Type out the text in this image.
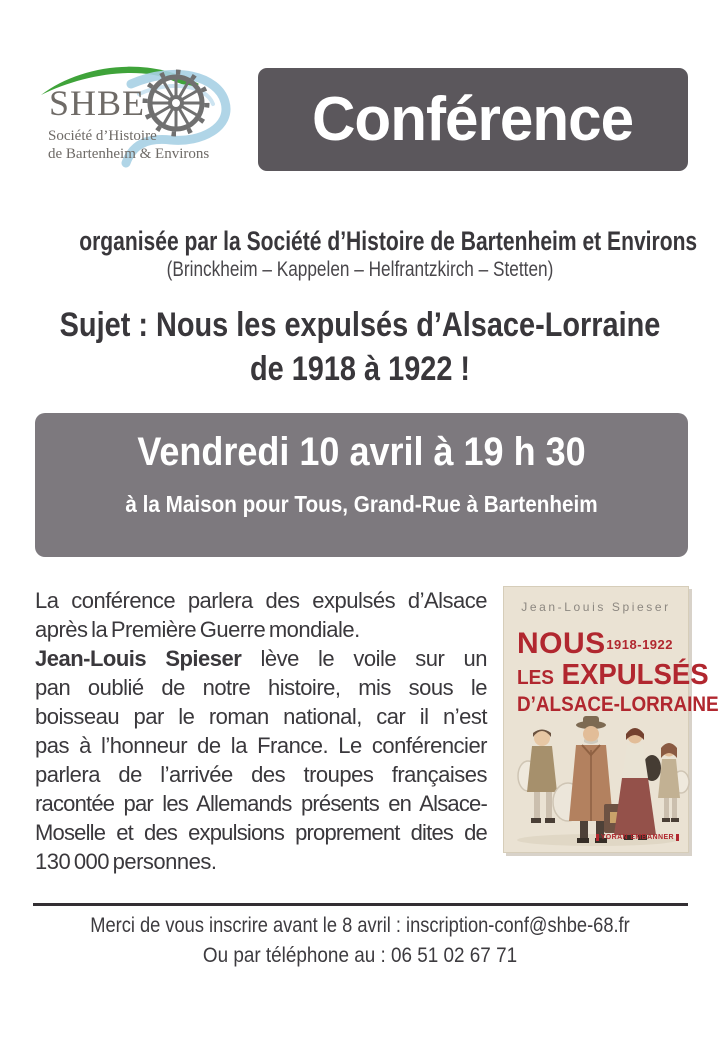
SHBE
Société d’Histoire
de Bartenheim & Environs Conférence
organisée par la Société d’Histoire de Bartenheim et Environs
(Brinckheim – Kappelen – Helfrantzkirch – Stetten)
Sujet : Nous les expulsés d’Alsace-Lorraine
de 1918 à 1922 !
Vendredi 10 avril à 19 h 30
à la Maison pour Tous, Grand-Rue à Bartenheim
La conférence parlera des expulsés d’Alsace
après la Première Guerre mondiale.
Jean-Louis Spieser lève le voile sur un
pan oublié de notre histoire, mis sous le
boisseau par le roman national, car il n’est
pas à l’honneur de la France. Le conférencier
parlera de l’arrivée des troupes françaises
racontée par les Allemands présents en Alsace-
Moselle et des expulsions proprement dites de
130 000 personnes.
Jean-Louis Spieser
NOUS 1918-1922
LES EXPULSÉS
D’ALSACE-LORRAINE
YORAN EMBANNER
Merci de vous inscrire avant le 8 avril : inscription-conf@shbe-68.fr
Ou par téléphone au : 06 51 02 67 71
